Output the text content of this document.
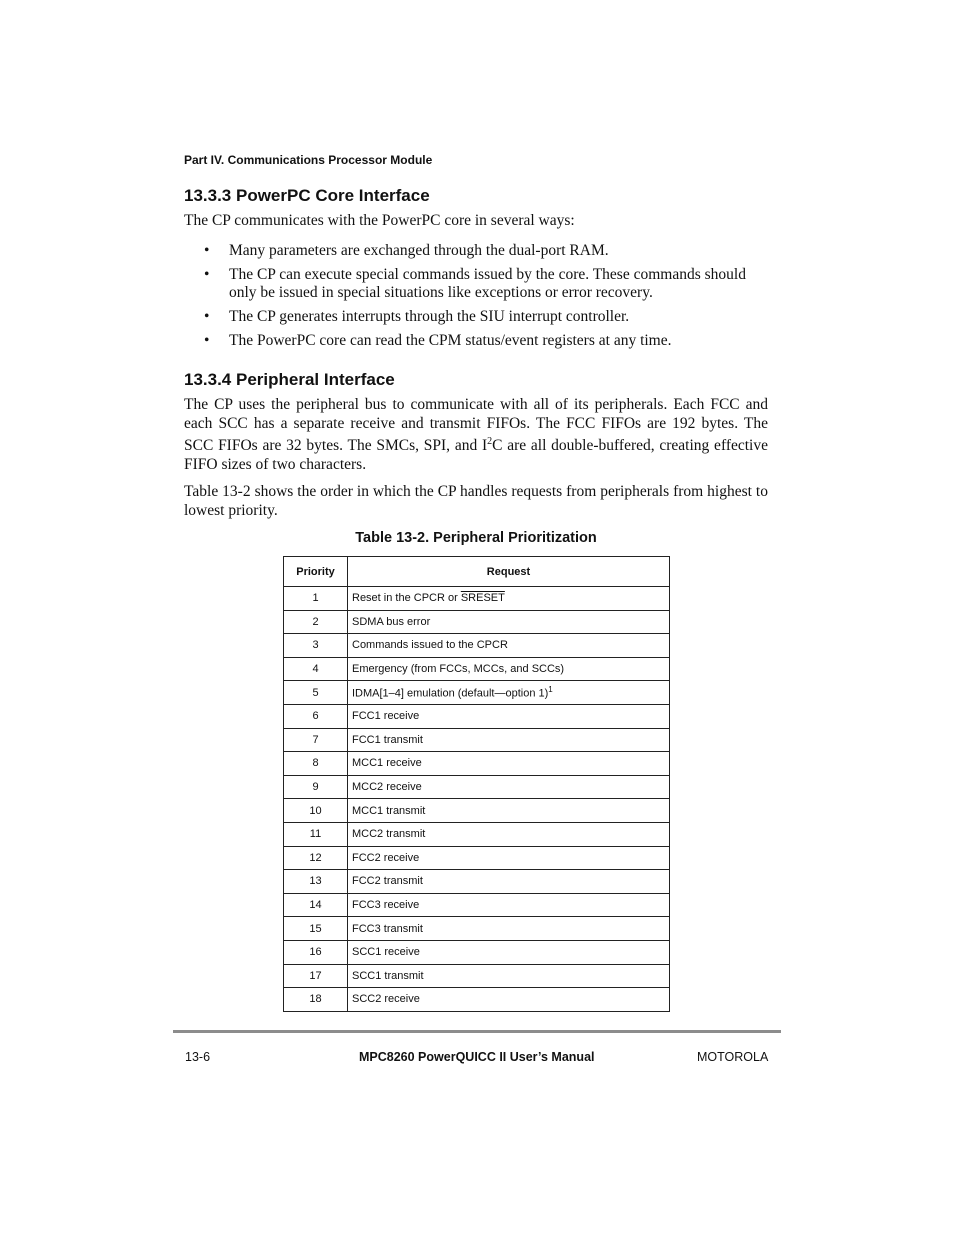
Part IV. Communications Processor Module
13.3.3 PowerPC Core Interface
The CP communicates with the PowerPC core in several ways:
• Many parameters are exchanged through the dual-port RAM.
• The CP can execute special commands issued by the core. These commands should only be issued in special situations like exceptions or error recovery.
• The CP generates interrupts through the SIU interrupt controller.
• The PowerPC core can read the CPM status/event registers at any time.
13.3.4 Peripheral Interface
The CP uses the peripheral bus to communicate with all of its peripherals. Each FCC and each SCC has a separate receive and transmit FIFOs. The FCC FIFOs are 192 bytes. The SCC FIFOs are 32 bytes. The SMCs, SPI, and $I^2C$ are all double-buffered, creating effective FIFO sizes of two characters.
Table 13-2 shows the order in which the CP handles requests from peripherals from highest to lowest priority.
Table 13-2. Peripheral Prioritization
Priority	Request
1	Reset in the CPCR or SRESET
2	SDMA bus error
3	Commands issued to the CPCR
4	Emergency (from FCCs, MCCs, and SCCs)
5	IDMA[1–4] emulation (default—option 1)$^1$
6	FCC1 receive
7	FCC1 transmit
8	MCC1 receive
9	MCC2 receive
10	MCC1 transmit
11	MCC2 transmit
12	FCC2 receive
13	FCC2 transmit
14	FCC3 receive
15	FCC3 transmit
16	SCC1 receive
17	SCC1 transmit
18	SCC2 receive
13-6	MPC8260 PowerQUICC II User’s Manual	MOTOROLA
